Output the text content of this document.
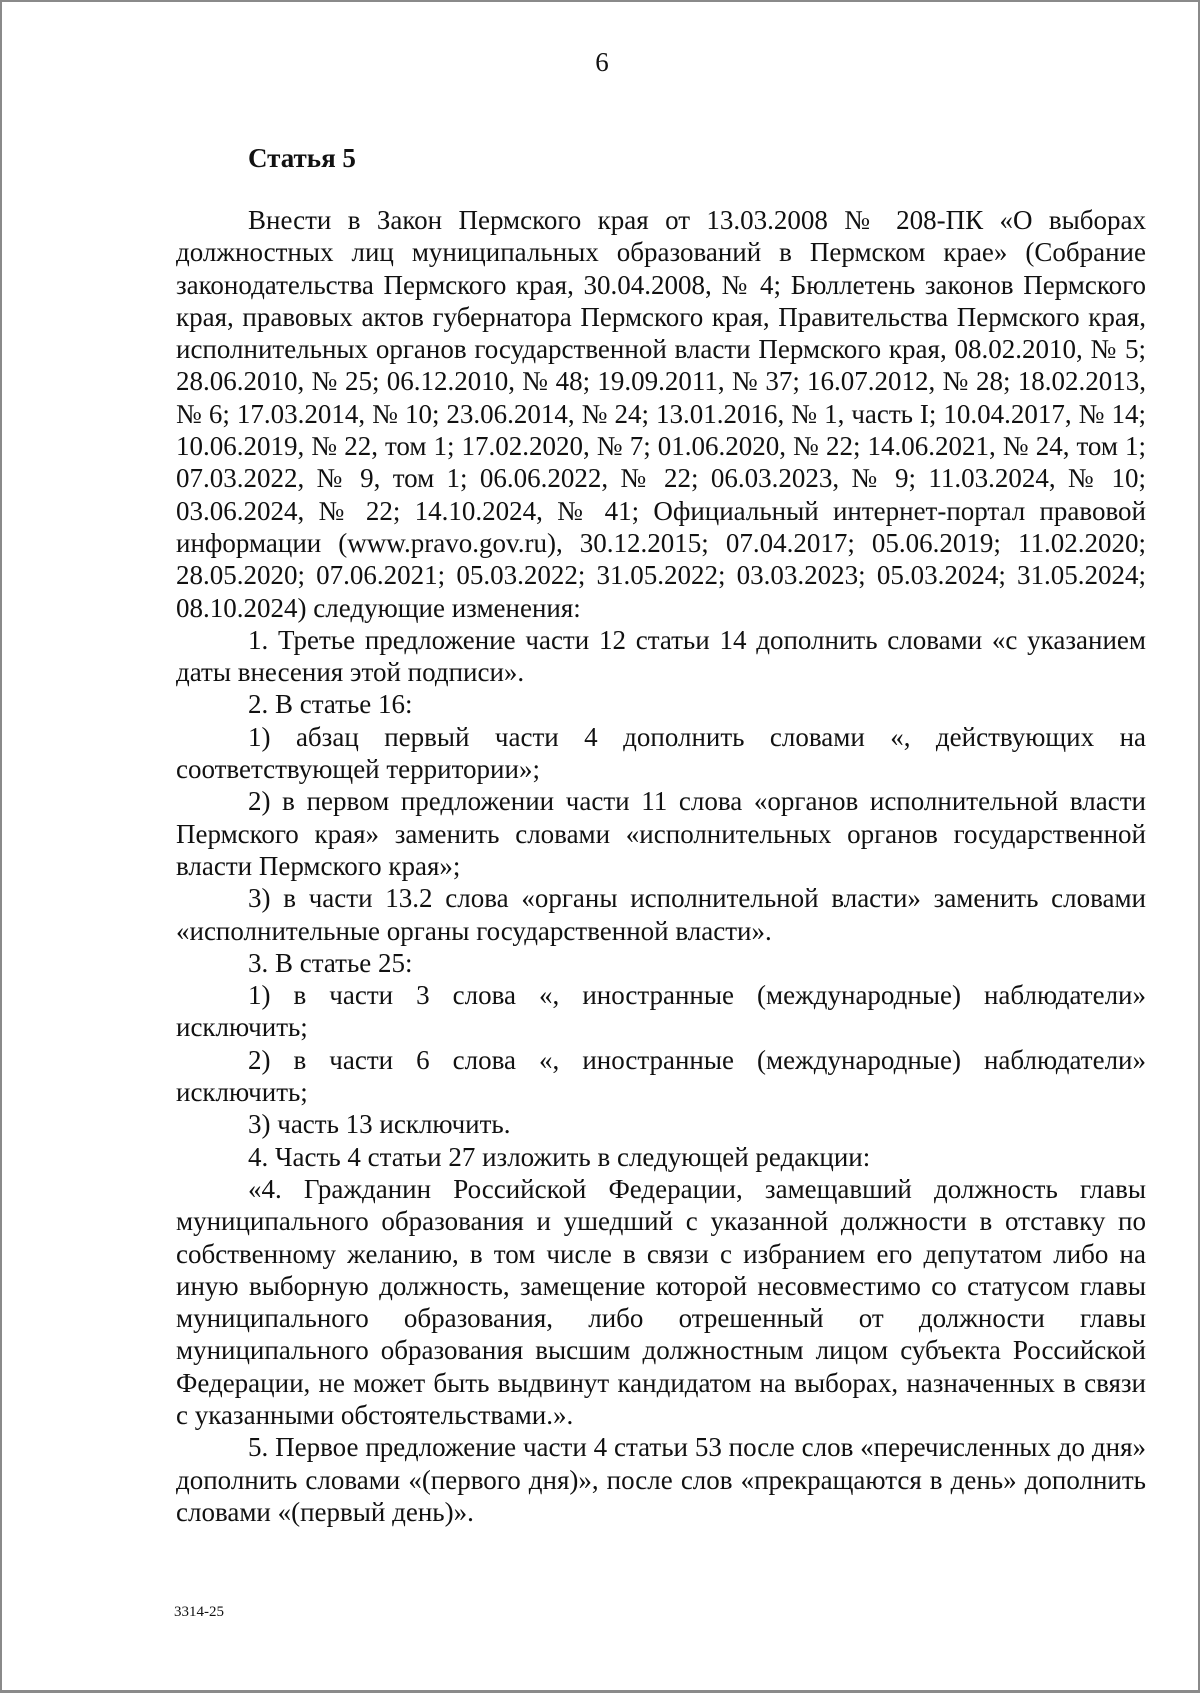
6
Статья 5

Внести в Закон Пермского края от 13.03.2008 № 208-ПК «О выборах должностных лиц муниципальных образований в Пермском крае» (Собрание законодательства Пермского края, 30.04.2008, № 4; Бюллетень законов Пермского края, правовых актов губернатора Пермского края, Правительства Пермского края, исполнительных органов государственной власти Пермского края, 08.02.2010, № 5; 28.06.2010, № 25; 06.12.2010, № 48; 19.09.2011, № 37; 16.07.2012, № 28; 18.02.2013, № 6; 17.03.2014, № 10; 23.06.2014, № 24; 13.01.2016, № 1, часть I; 10.04.2017, № 14; 10.06.2019, № 22, том 1; 17.02.2020, № 7; 01.06.2020, № 22; 14.06.2021, № 24, том 1; 07.03.2022, № 9, том 1; 06.06.2022, № 22; 06.03.2023, № 9; 11.03.2024, № 10; 03.06.2024, № 22; 14.10.2024, № 41; Официальный интернет-портал правовой информации (www.pravo.gov.ru), 30.12.2015; 07.04.2017; 05.06.2019; 11.02.2020; 28.05.2020; 07.06.2021; 05.03.2022; 31.05.2022; 03.03.2023; 05.03.2024; 31.05.2024; 08.10.2024) следующие изменения:

1. Третье предложение части 12 статьи 14 дополнить словами «с указанием даты внесения этой подписи».

2. В статье 16:

1) абзац первый части 4 дополнить словами «, действующих на соответствующей территории»;

2) в первом предложении части 11 слова «органов исполнительной власти Пермского края» заменить словами «исполнительных органов государственной власти Пермского края»;

3) в части 13.2 слова «органы исполнительной власти» заменить словами «исполнительные органы государственной власти».

3. В статье 25:

1) в части 3 слова «, иностранные (международные) наблюдатели» исключить;

2) в части 6 слова «, иностранные (международные) наблюдатели» исключить;

3) часть 13 исключить.

4. Часть 4 статьи 27 изложить в следующей редакции:

«4. Гражданин Российской Федерации, замещавший должность главы муниципального образования и ушедший с указанной должности в отставку по собственному желанию, в том числе в связи с избранием его депутатом либо на иную выборную должность, замещение которой несовместимо со статусом главы муниципального образования, либо отрешенный от должности главы муниципального образования высшим должностным лицом субъекта Российской Федерации, не может быть выдвинут кандидатом на выборах, назначенных в связи с указанными обстоятельствами.».

5. Первое предложение части 4 статьи 53 после слов «перечисленных до дня» дополнить словами «(первого дня)», после слов «прекращаются в день» дополнить словами «(первый день)».

3314-25
